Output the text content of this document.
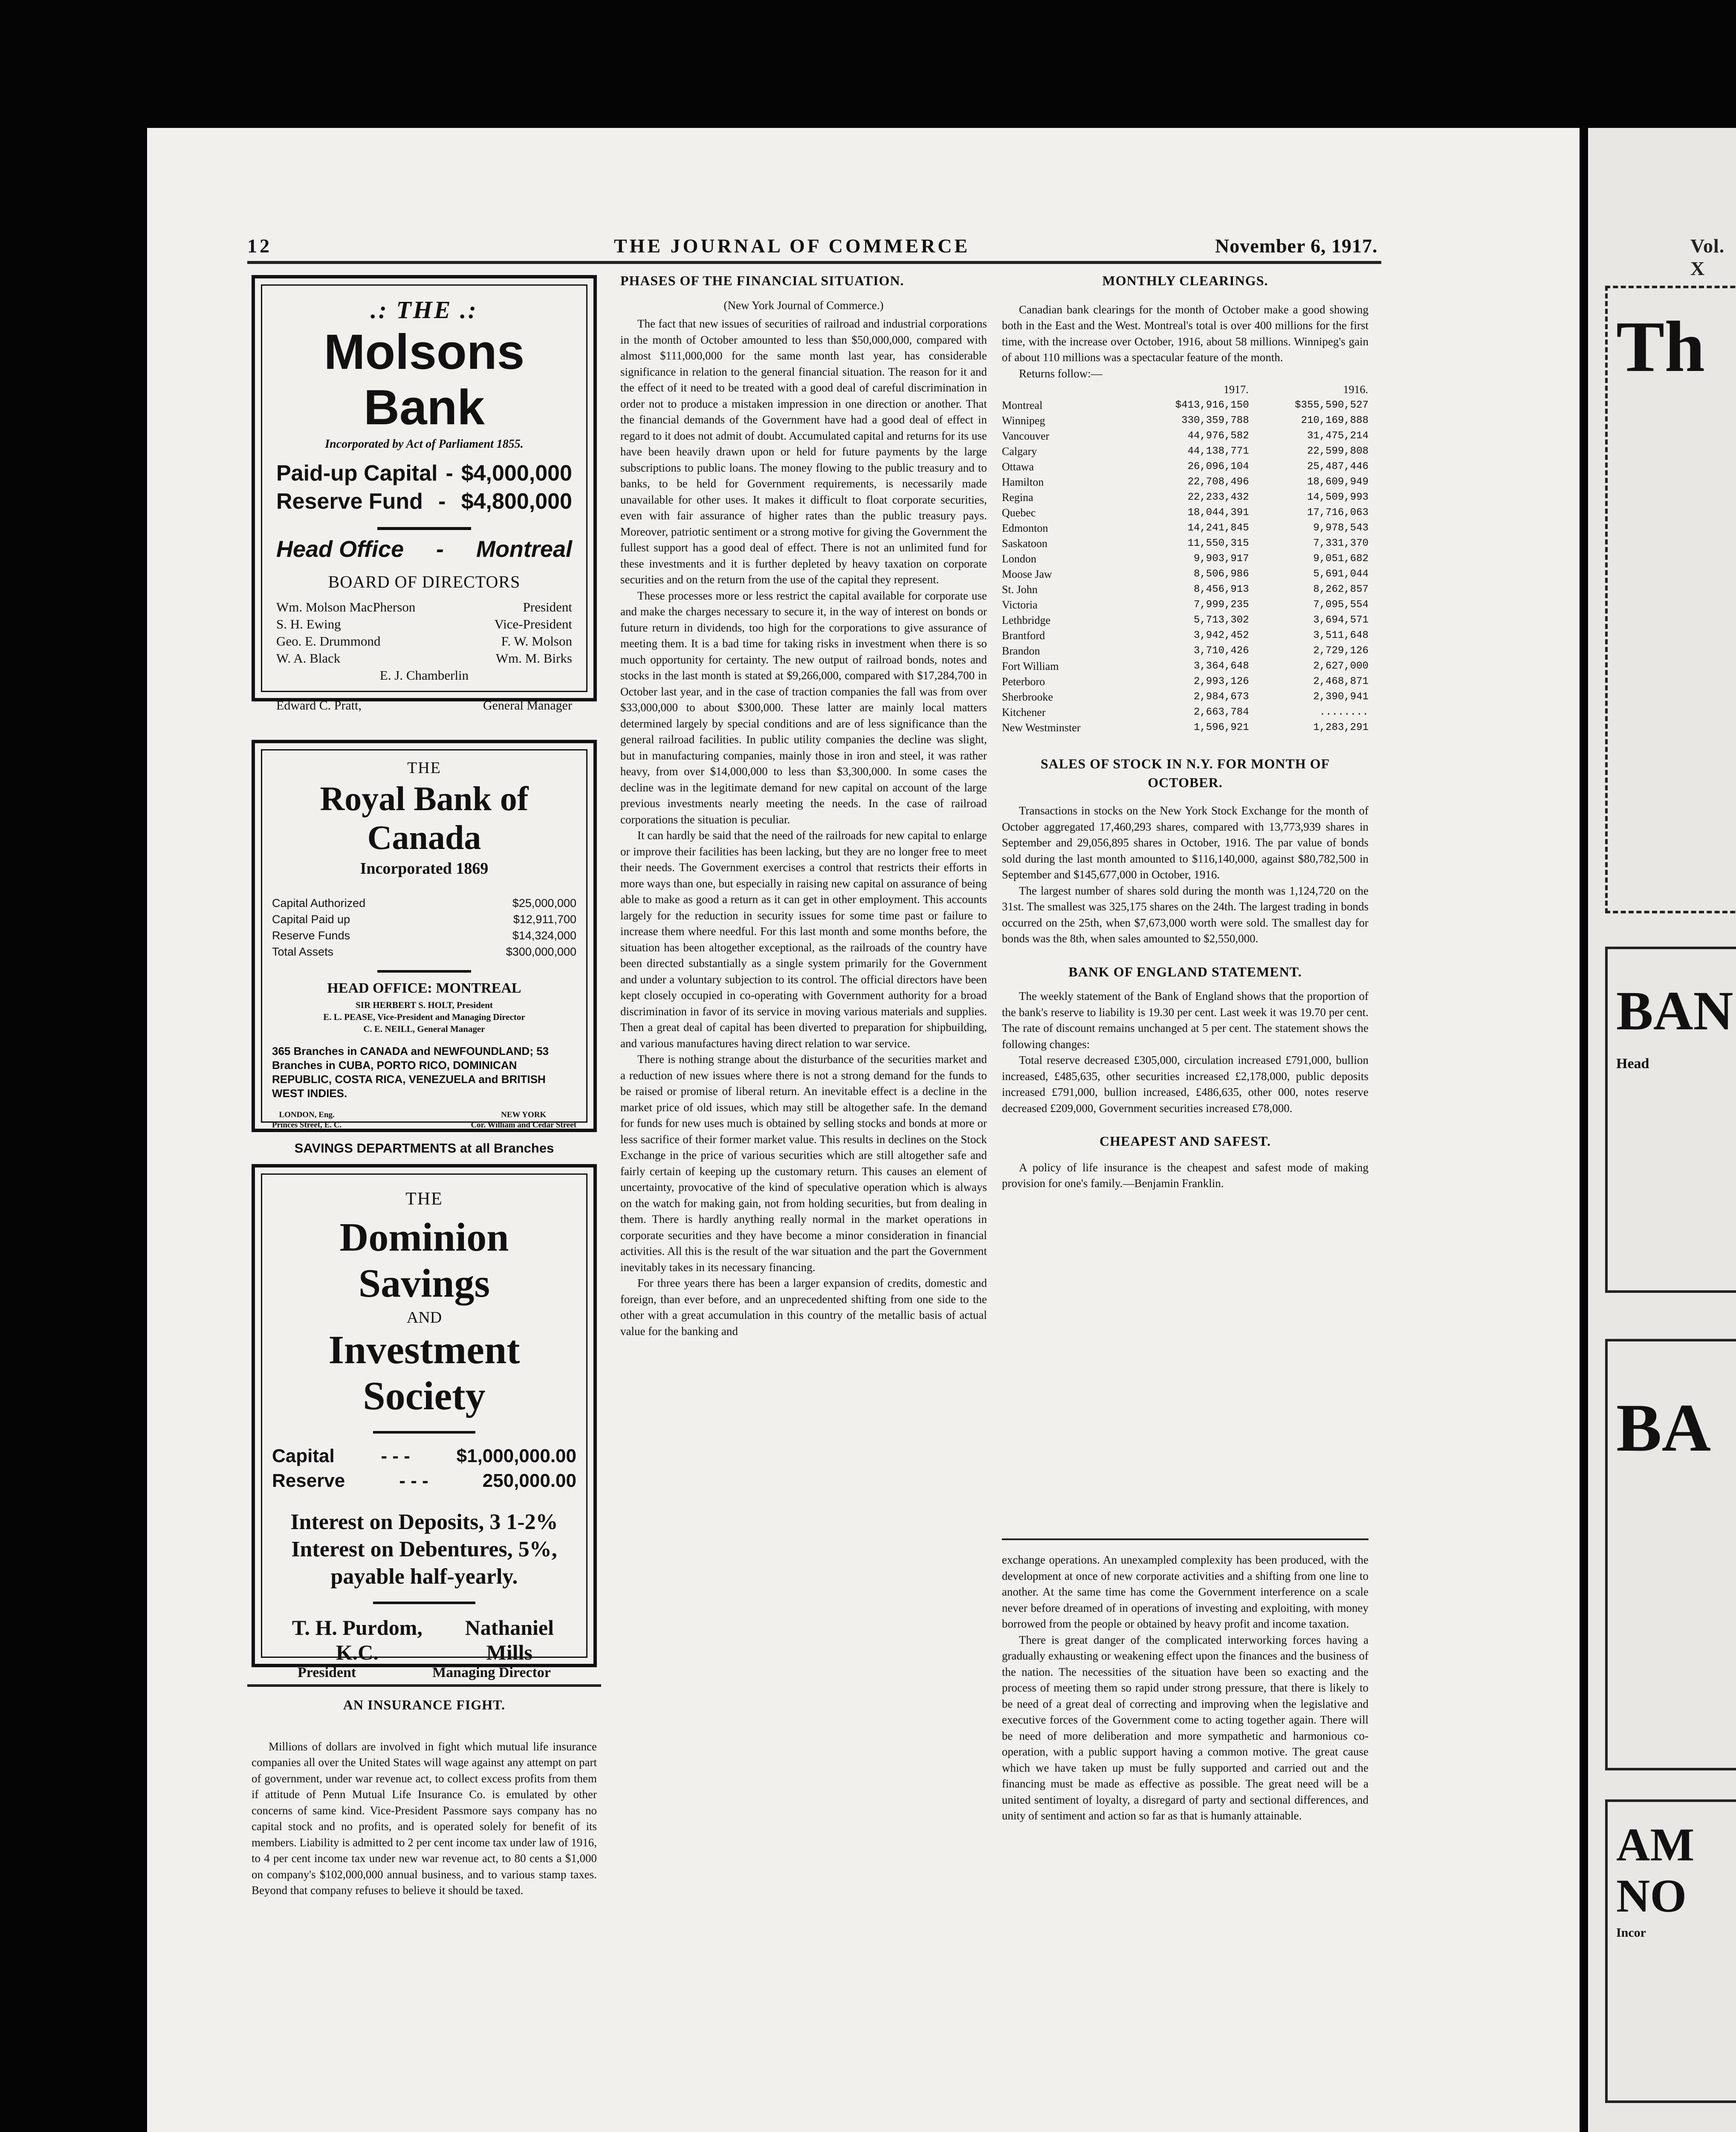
Th
BAN
Head
BA
AM
NO
Incor
12	THE JOURNAL OF COMMERCE	November 6, 1917.	Vol. X
.: THE .:
Molsons Bank
Incorporated by Act of Parliament 1855.
Paid-up Capital - $4,000,000
Reserve Fund - $4,800,000
Head Office - Montreal
BOARD OF DIRECTORS
Wm. Molson MacPherson	President
S. H. Ewing	Vice-President
Geo. E. Drummond	F. W. Molson
W. A. Black	Wm. M. Birks
E. J. Chamberlin
Edward C. Pratt,	General Manager
THE
Royal Bank of Canada
Incorporated 1869
Capital Authorized	$25,000,000
Capital Paid up	$12,911,700
Reserve Funds	$14,324,000
Total Assets	$300,000,000
HEAD OFFICE: MONTREAL
SIR HERBERT S. HOLT, President
E. L. PEASE, Vice-President and Managing Director
C. E. NEILL, General Manager
365 Branches in CANADA and NEWFOUNDLAND; 53 Branches in CUBA, PORTO RICO, DOMINICAN REPUBLIC, COSTA RICA, VENEZUELA and BRITISH WEST INDIES.
LONDON, Eng.
Princes Street, E. C.
NEW YORK
Cor. William and Cedar Street
SAVINGS DEPARTMENTS at all Branches
THE
Dominion Savings
AND
Investment Society
Capital - - - $1,000,000.00
Reserve	- - -	250,000.00
Interest on Deposits, 3 1-2%
Interest on Debentures, 5%,
payable half-yearly.
T. H. Purdom, K.C.
Nathaniel Mills
President	Managing Director
AN INSURANCE FIGHT.

Millions of dollars are involved in fight which mutual life insurance companies all over the United States will wage against any attempt on part of government, under war revenue act, to collect excess profits from them if attitude of Penn Mutual Life Insurance Co. is emulated by other concerns of same kind. Vice-President Passmore says company has no capital stock and no profits, and is operated solely for benefit of its members. Liability is admitted to 2 per cent income tax under law of 1916, to 4 per cent income tax under new war revenue act, to 80 cents a $1,000 on company's $102,000,000 annual business, and to various stamp taxes. Beyond that company refuses to believe it should be taxed.

PHASES OF THE FINANCIAL SITUATION.
(New York Journal of Commerce.)

The fact that new issues of securities of railroad and industrial corporations in the month of October amounted to less than $50,000,000, compared with almost $111,000,000 for the same month last year, has considerable significance in relation to the general financial situation. The reason for it and the effect of it need to be treated with a good deal of careful discrimination in order not to produce a mistaken impression in one direction or another. That the financial demands of the Government have had a good deal of effect in regard to it does not admit of doubt. Accumulated capital and returns for its use have been heavily drawn upon or held for future payments by the large subscriptions to public loans. The money flowing to the public treasury and to banks, to be held for Government requirements, is necessarily made unavailable for other uses. It makes it difficult to float corporate securities, even with fair assurance of higher rates than the public treasury pays. Moreover, patriotic sentiment or a strong motive for giving the Government the fullest support has a good deal of effect. There is not an unlimited fund for these investments and it is further depleted by heavy taxation on corporate securities and on the return from the use of the capital they represent.

These processes more or less restrict the capital available for corporate use and make the charges necessary to secure it, in the way of interest on bonds or future return in dividends, too high for the corporations to give assurance of meeting them. It is a bad time for taking risks in investment when there is so much opportunity for certainty. The new output of railroad bonds, notes and stocks in the last month is stated at $9,266,000, compared with $17,284,700 in October last year, and in the case of traction companies the fall was from over $33,000,000 to about $300,000. These latter are mainly local matters determined largely by special conditions and are of less significance than the general railroad facilities. In public utility companies the decline was slight, but in manufacturing companies, mainly those in iron and steel, it was rather heavy, from over $14,000,000 to less than $3,300,000. In some cases the decline was in the legitimate demand for new capital on account of the large previous investments nearly meeting the needs. In the case of railroad corporations the situation is peculiar.

It can hardly be said that the need of the railroads for new capital to enlarge or improve their facilities has been lacking, but they are no longer free to meet their needs. The Government exercises a control that restricts their efforts in more ways than one, but especially in raising new capital on assurance of being able to make as good a return as it can get in other employment. This accounts largely for the reduction in security issues for some time past or failure to increase them where needful. For this last month and some months before, the situation has been altogether exceptional, as the railroads of the country have been directed substantially as a single system primarily for the Government and under a voluntary subjection to its control. The official directors have been kept closely occupied in co-operating with Government authority for a broad discrimination in favor of its service in moving various materials and supplies. Then a great deal of capital has been diverted to preparation for shipbuilding, and various manufactures having direct relation to war service.

There is nothing strange about the disturbance of the securities market and a reduction of new issues where there is not a strong demand for the funds to be raised or promise of liberal return. An inevitable effect is a decline in the market price of old issues, which may still be altogether safe. In the demand for funds for new uses much is obtained by selling stocks and bonds at more or less sacrifice of their former market value. This results in declines on the Stock Exchange in the price of various securities which are still altogether safe and fairly certain of keeping up the customary return. This causes an element of uncertainty, provocative of the kind of speculative operation which is always on the watch for making gain, not from holding securities, but from dealing in them. There is hardly anything really normal in the market operations in corporate securities and they have become a minor consideration in financial activities. All this is the result of the war situation and the part the Government inevitably takes in its necessary financing.

For three years there has been a larger expansion of credits, domestic and foreign, than ever before, and an unprecedented shifting from one side to the other with a great accumulation in this country of the metallic basis of actual value for the banking and

MONTHLY CLEARINGS.

Canadian bank clearings for the month of October make a good showing both in the East and the West. Montreal's total is over 400 millions for the first time, with the increase over October, 1916, about 58 millions. Winnipeg's gain of about 110 millions was a spectacular feature of the month.

Returns follow:—

	1917.	1916.
Montreal	$413,916,150	$355,590,527
Winnipeg	330,359,788	210,169,888
Vancouver	44,976,582	31,475,214
Calgary	44,138,771	22,599,808
Ottawa	26,096,104	25,487,446
Hamilton	22,708,496	18,609,949
Regina	22,233,432	14,509,993
Quebec	18,044,391	17,716,063
Edmonton	14,241,845	9,978,543
Saskatoon	11,550,315	7,331,370
London	9,903,917	9,051,682
Moose Jaw	8,506,986	5,691,044
St. John	8,456,913	8,262,857
Victoria	7,999,235	7,095,554
Lethbridge	5,713,302	3,694,571
Brantford	3,942,452	3,511,648
Brandon	3,710,426	2,729,126
Fort William	3,364,648	2,627,000
Peterboro	2,993,126	2,468,871
Sherbrooke	2,984,673	2,390,941
Kitchener	2,663,784	........
New Westminster	1,596,921	1,283,291
SALES OF STOCK IN N.Y. FOR MONTH OF OCTOBER.

Transactions in stocks on the New York Stock Exchange for the month of October aggregated 17,460,293 shares, compared with 13,773,939 shares in September and 29,056,895 shares in October, 1916. The par value of bonds sold during the last month amounted to $116,140,000, against $80,782,500 in September and $145,677,000 in October, 1916.

The largest number of shares sold during the month was 1,124,720 on the 31st. The smallest was 325,175 shares on the 24th. The largest trading in bonds occurred on the 25th, when $7,673,000 worth were sold. The smallest day for bonds was the 8th, when sales amounted to $2,550,000.

BANK OF ENGLAND STATEMENT.

The weekly statement of the Bank of England shows that the proportion of the bank's reserve to liability is 19.30 per cent. Last week it was 19.70 per cent. The rate of discount remains unchanged at 5 per cent. The statement shows the following changes:

Total reserve decreased £305,000, circulation increased £791,000, bullion increased, £485,635, other securities increased £2,178,000, public deposits increased £791,000, bullion increased, £486,635, other 000, notes reserve decreased £209,000, Government securities increased £78,000.

CHEAPEST AND SAFEST.

A policy of life insurance is the cheapest and safest mode of making provision for one's family.—Benjamin Franklin.

exchange operations. An unexampled complexity has been produced, with the development at once of new corporate activities and a shifting from one line to another. At the same time has come the Government interference on a scale never before dreamed of in operations of investing and exploiting, with money borrowed from the people or obtained by heavy profit and income taxation.

There is great danger of the complicated interworking forces having a gradually exhausting or weakening effect upon the finances and the business of the nation. The necessities of the situation have been so exacting and the process of meeting them so rapid under strong pressure, that there is likely to be need of a great deal of correcting and improving when the legislative and executive forces of the Government come to acting together again. There will be need of more deliberation and more sympathetic and harmonious co-operation, with a public support having a common motive. The great cause which we have taken up must be fully supported and carried out and the financing must be made as effective as possible. The great need will be a united sentiment of loyalty, a disregard of party and sectional differences, and unity of sentiment and action so far as that is humanly attainable.
